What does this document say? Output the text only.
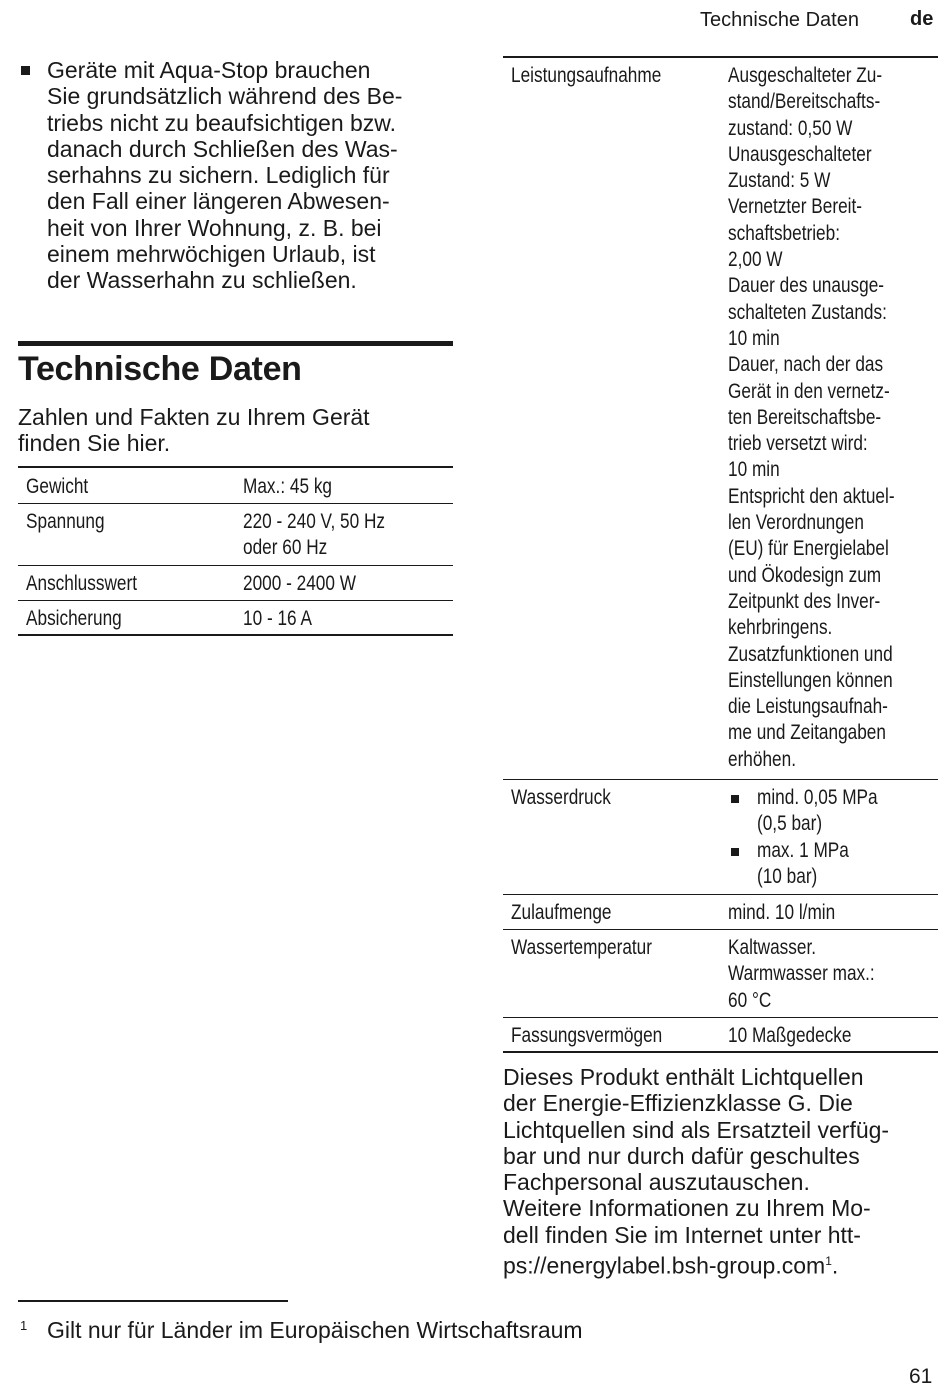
Technische Daten	de
Geräte mit Aqua-Stop brauchen
Sie grundsätzlich während des Be-
triebs nicht zu beaufsichtigen bzw.
danach durch Schließen des Was-
serhahns zu sichern. Lediglich für
den Fall einer längeren Abwesen-
heit von Ihrer Wohnung, z. B. bei
einem mehrwöchigen Urlaub, ist
der Wasserhahn zu schließen.
Technische Daten
Zahlen und Fakten zu Ihrem Gerät
finden Sie hier.
Gewicht	Max.: 45 kg
Spannung	220 - 240 V, 50 Hz
oder 60 Hz
Anschlusswert	2000 - 2400 W
Absicherung	10 - 16 A
Leistungsaufnahme	Ausgeschalteter Zu-
stand/Bereitschafts-
zustand: 0,50 W
Unausgeschalteter
Zustand: 5 W
Vernetzter Bereit-
schaftsbetrieb:
2,00 W
Dauer des unausge-
schalteten Zustands:
10 min
Dauer, nach der das
Gerät in den vernetz-
ten Bereitschaftsbe-
trieb versetzt wird:
10 min
Entspricht den aktuel-
len Verordnungen
(EU) für Energielabel
und Ökodesign zum
Zeitpunkt des Inver-
kehrbringens.
Zusatzfunktionen und
Einstellungen können
die Leistungsaufnah-
me und Zeitangaben
erhöhen.
Wasserdruck	mind. 0,05 MPa
(0,5 bar)
max. 1 MPa
(10 bar)
Zulaufmenge	mind. 10 l/min
Wassertemperatur	Kaltwasser.
Warmwasser max.:
60 °C
Fassungsvermögen	10 Maßgedecke
Dieses Produkt enthält Lichtquellen
der Energie-Effizienzklasse G. Die
Lichtquellen sind als Ersatzteil verfüg-
bar und nur durch dafür geschultes
Fachpersonal auszutauschen.
Weitere Informationen zu Ihrem Mo-
dell finden Sie im Internet unter htt-
ps://energylabel.bsh-group.com$^1$.
1 Gilt nur für Länder im Europäischen Wirtschaftsraum
61
